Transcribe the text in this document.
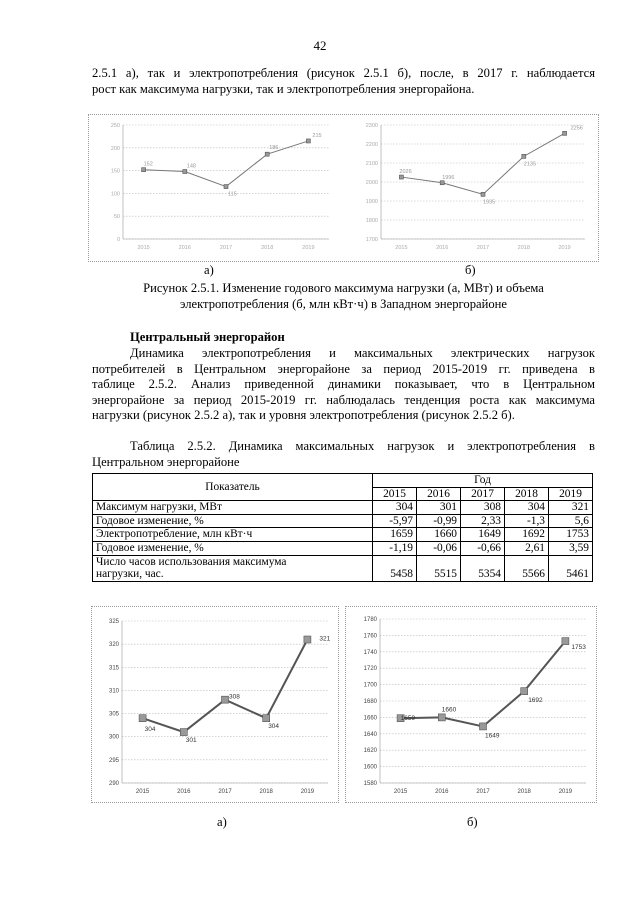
42

2.5.1 а), так и электропотребления (рисунок 2.5.1 б), после, в 2017 г. наблюдается
рост как максимума нагрузки, так и электропотребления энергорайона.

0
50
100
150
200
250
2015	2016	2017	2018	2019
152	148
115
186
215
1700
1800
1900
2000
2100
2200
2300
2015	2016	2017	2018	2019
2026
1996
1935
2135
2256
а)	б)
Рисунок 2.5.1. Изменение годового максимума нагрузки (а, МВт) и объема
электропотребления (б, млн кВт·ч) в Западном энергорайоне
Центральный энергорайон

Динамика электропотребления и максимальных электрических нагрузок
потребителей в Центральном энергорайоне за период 2015-2019 гг. приведена в
таблице 2.5.2. Анализ приведенной динамики показывает, что в Центральном
энергорайоне за период 2015-2019 гг. наблюдалась тенденция роста как максимума
нагрузки (рисунок 2.5.2 а), так и уровня электропотребления (рисунок 2.5.2 б).

Таблица 2.5.2. Динамика максимальных нагрузок и электропотребления в
Центральном энергорайоне

Показатель	Год				
	2015	2016	2017	2018	2019
Максимум нагрузки, МВт	304	301	308	304	321
Годовое изменение, %	-5,97	-0,99	2,33	-1,3	5,6
Электропотребление, млн кВт·ч	1659	1660	1649	1692	1753
Годовое изменение, %	-1,19	-0,06	-0,66	2,61	3,59

Число часов использования максимума
нагрузки, час.	5458	5515	5354	5566	5461
290
295
300
305
310
315
320
325
2015	2016	2017	2018	2019
304
301
308
304
321
1580
1600
1620
1640
1660
1680
1700
1720
1740
1760
1780
2015	2016	2017	2018	2019
1659
1660
1649
1692
1753
а)	б)
